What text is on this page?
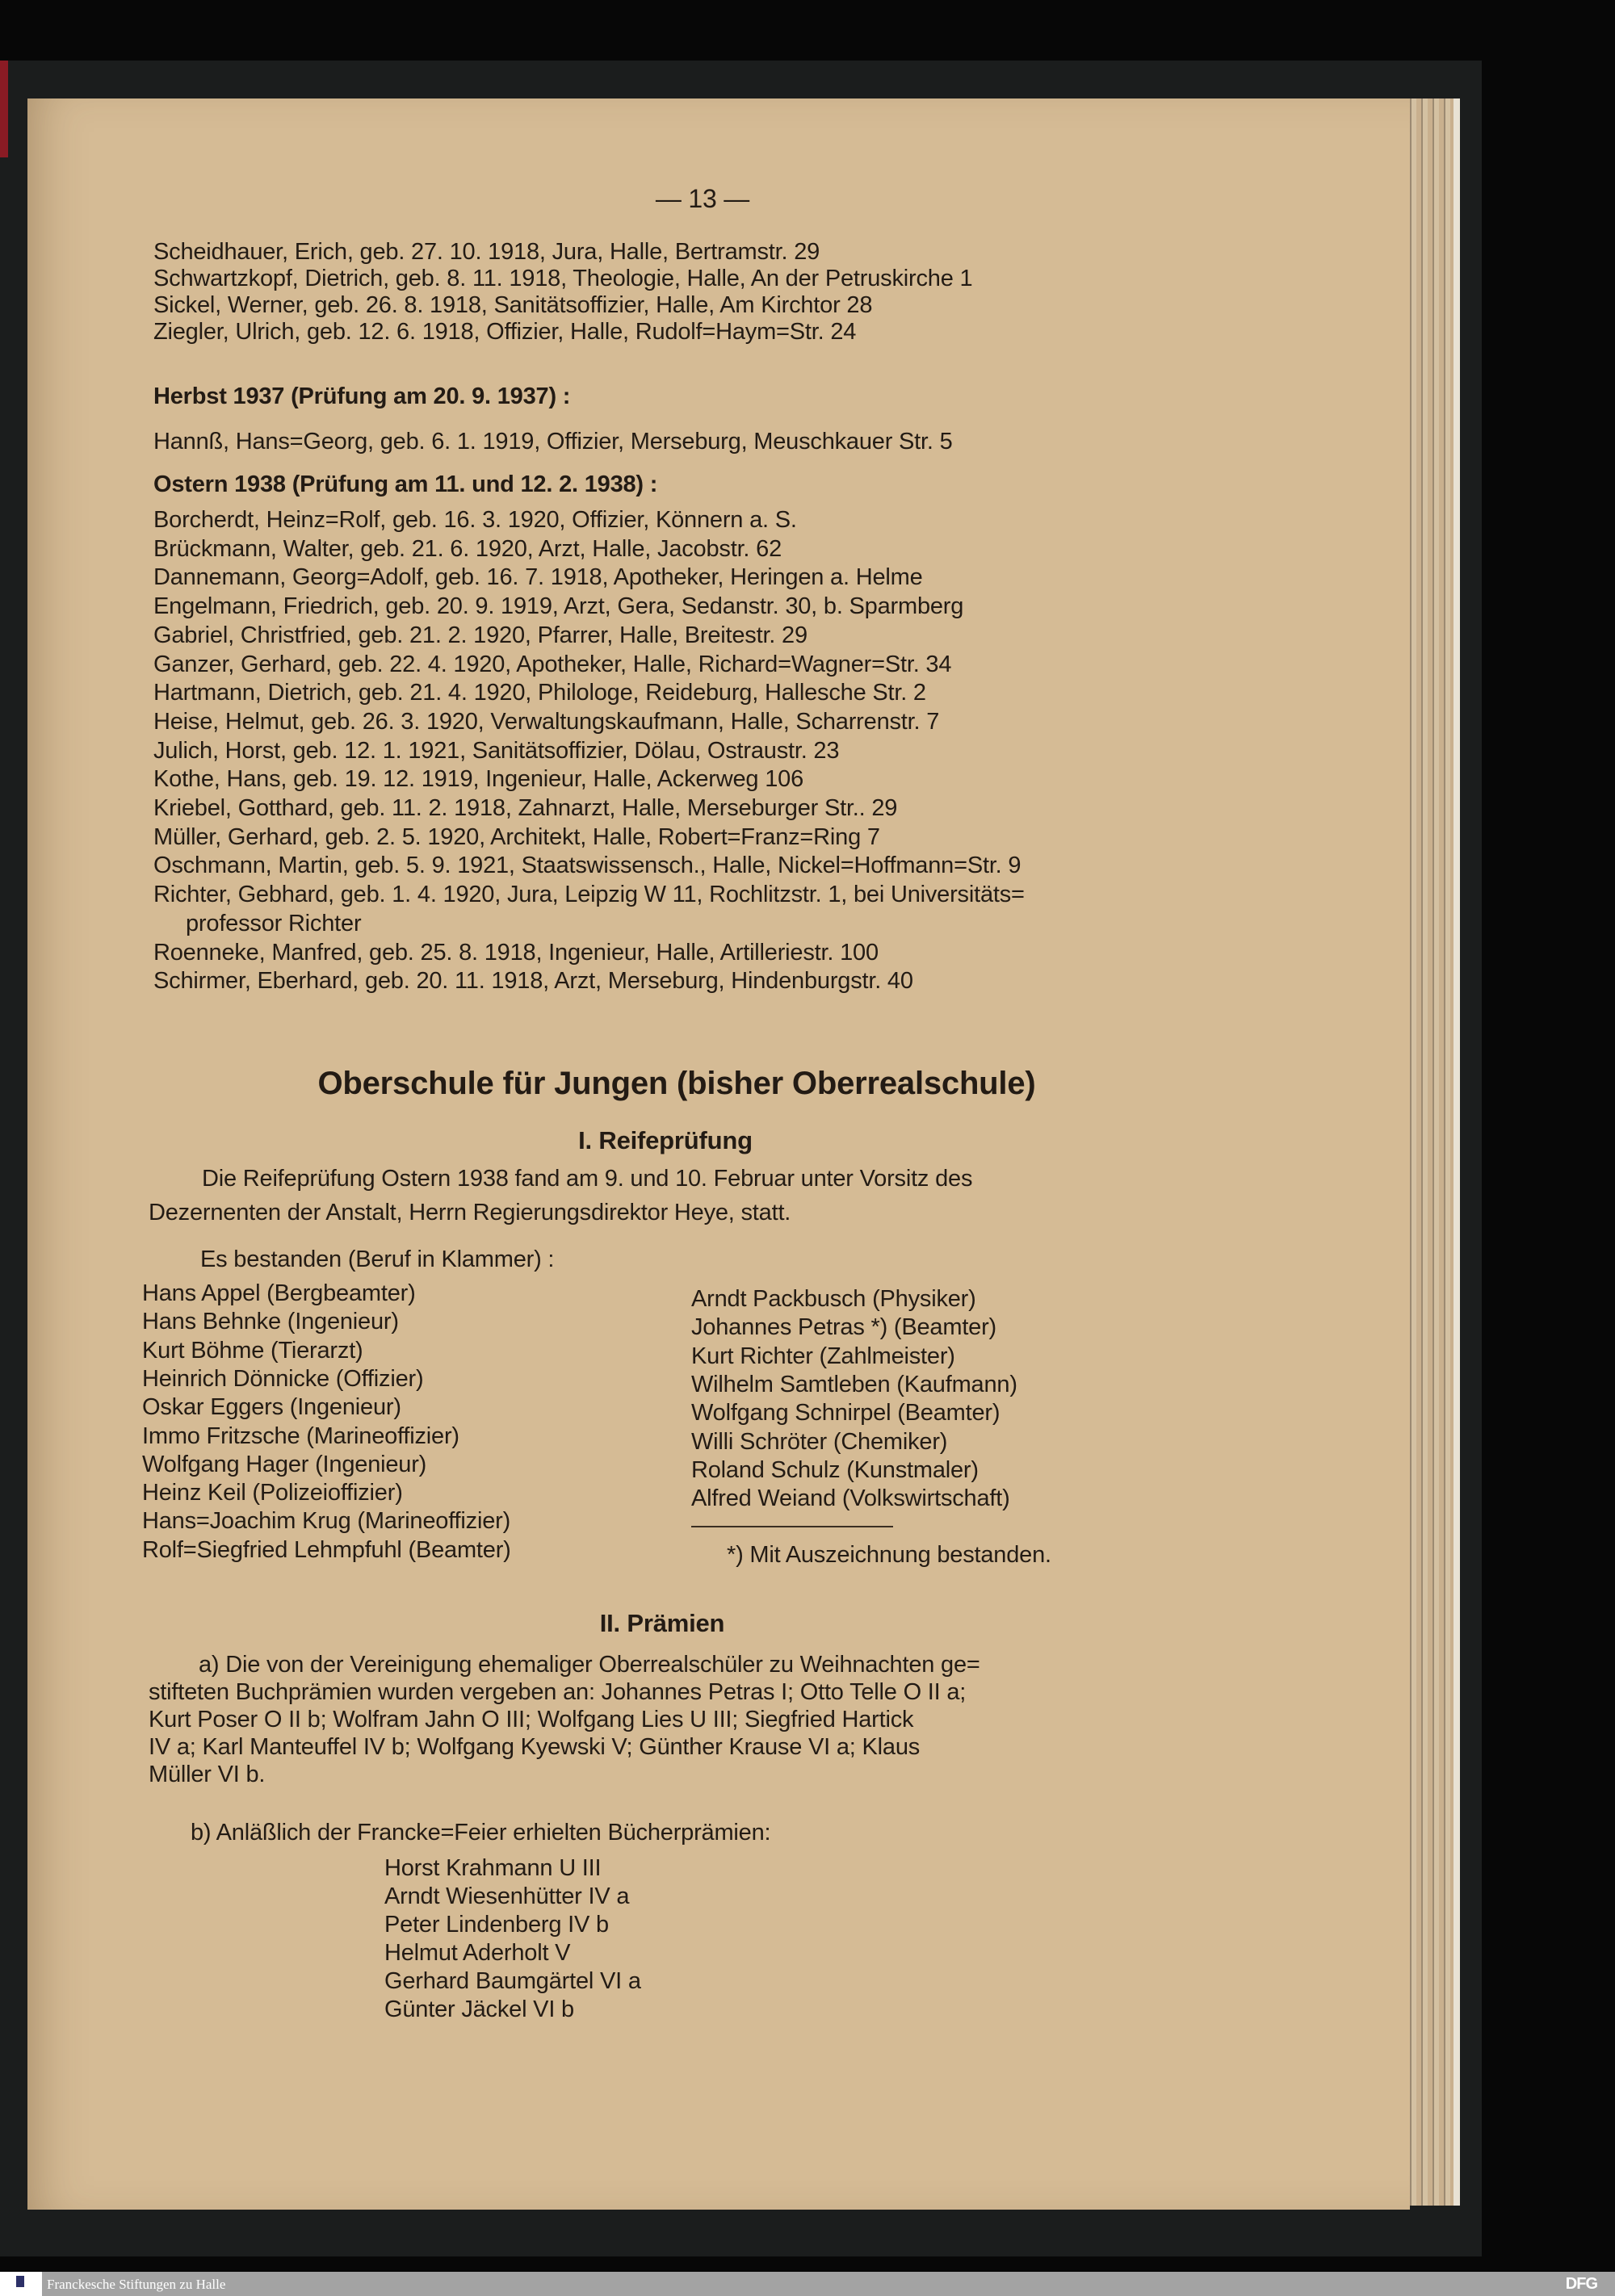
— 13 —
Scheidhauer, Erich, geb. 27. 10. 1918, Jura, Halle, Bertramstr. 29
Schwartzkopf, Dietrich, geb. 8. 11. 1918, Theologie, Halle, An der Petruskirche 1
Sickel, Werner, geb. 26. 8. 1918, Sanitätsoffizier, Halle, Am Kirchtor 28
Ziegler, Ulrich, geb. 12. 6. 1918, Offizier, Halle, Rudolf=Haym=Str. 24
Herbst 1937 (Prüfung am 20. 9. 1937) :
Hannß, Hans=Georg, geb. 6. 1. 1919, Offizier, Merseburg, Meuschkauer Str. 5
Ostern 1938 (Prüfung am 11. und 12. 2. 1938) :
Borcherdt, Heinz=Rolf, geb. 16. 3. 1920, Offizier, Könnern a. S.
Brückmann, Walter, geb. 21. 6. 1920, Arzt, Halle, Jacobstr. 62
Dannemann, Georg=Adolf, geb. 16. 7. 1918, Apotheker, Heringen a. Helme
Engelmann, Friedrich, geb. 20. 9. 1919, Arzt, Gera, Sedanstr. 30, b. Sparmberg
Gabriel, Christfried, geb. 21. 2. 1920, Pfarrer, Halle, Breitestr. 29
Ganzer, Gerhard, geb. 22. 4. 1920, Apotheker, Halle, Richard=Wagner=Str. 34
Hartmann, Dietrich, geb. 21. 4. 1920, Philologe, Reideburg, Hallesche Str. 2
Heise, Helmut, geb. 26. 3. 1920, Verwaltungskaufmann, Halle, Scharrenstr. 7
Julich, Horst, geb. 12. 1. 1921, Sanitätsoffizier, Dölau, Ostraustr. 23
Kothe, Hans, geb. 19. 12. 1919, Ingenieur, Halle, Ackerweg 106
Kriebel, Gotthard, geb. 11. 2. 1918, Zahnarzt, Halle, Merseburger Str.. 29
Müller, Gerhard, geb. 2. 5. 1920, Architekt, Halle, Robert=Franz=Ring 7
Oschmann, Martin, geb. 5. 9. 1921, Staatswissensch., Halle, Nickel=Hoffmann=Str. 9
Richter, Gebhard, geb. 1. 4. 1920, Jura, Leipzig W 11, Rochlitzstr. 1, bei Universitäts=
professor Richter
Roenneke, Manfred, geb. 25. 8. 1918, Ingenieur, Halle, Artilleriestr. 100
Schirmer, Eberhard, geb. 20. 11. 1918, Arzt, Merseburg, Hindenburgstr. 40
Oberschule für Jungen (bisher Oberrealschule)
I. Reifeprüfung
Die Reifeprüfung Ostern 1938 fand am 9. und 10. Februar unter Vorsitz des
Dezernenten der Anstalt, Herrn Regierungsdirektor Heye, statt.
Es bestanden (Beruf in Klammer) :
Hans Appel (Bergbeamter)
Hans Behnke (Ingenieur)
Kurt Böhme (Tierarzt)
Heinrich Dönnicke (Offizier)
Oskar Eggers (Ingenieur)
Immo Fritzsche (Marineoffizier)
Wolfgang Hager (Ingenieur)
Heinz Keil (Polizeioffizier)
Hans=Joachim Krug (Marineoffizier)
Rolf=Siegfried Lehmpfuhl (Beamter)
Arndt Packbusch (Physiker)
Johannes Petras *) (Beamter)
Kurt Richter (Zahlmeister)
Wilhelm Samtleben (Kaufmann)
Wolfgang Schnirpel (Beamter)
Willi Schröter (Chemiker)
Roland Schulz (Kunstmaler)
Alfred Weiand (Volkswirtschaft)
*) Mit Auszeichnung bestanden.
II. Prämien
a) Die von der Vereinigung ehemaliger Oberrealschüler zu Weihnachten ge=
stifteten Buchprämien wurden vergeben an: Johannes Petras I; Otto Telle O II a;
Kurt Poser O II b; Wolfram Jahn O III; Wolfgang Lies U III; Siegfried Hartick
IV a; Karl Manteuffel IV b; Wolfgang Kyewski V; Günther Krause VI a; Klaus
Müller VI b.
b) Anläßlich der Francke=Feier erhielten Bücherprämien:
Horst Krahmann U III
Arndt Wiesenhütter IV a
Peter Lindenberg IV b
Helmut Aderholt V
Gerhard Baumgärtel VI a
Günter Jäckel VI b
Franckesche Stiftungen zu Halle	DFG
